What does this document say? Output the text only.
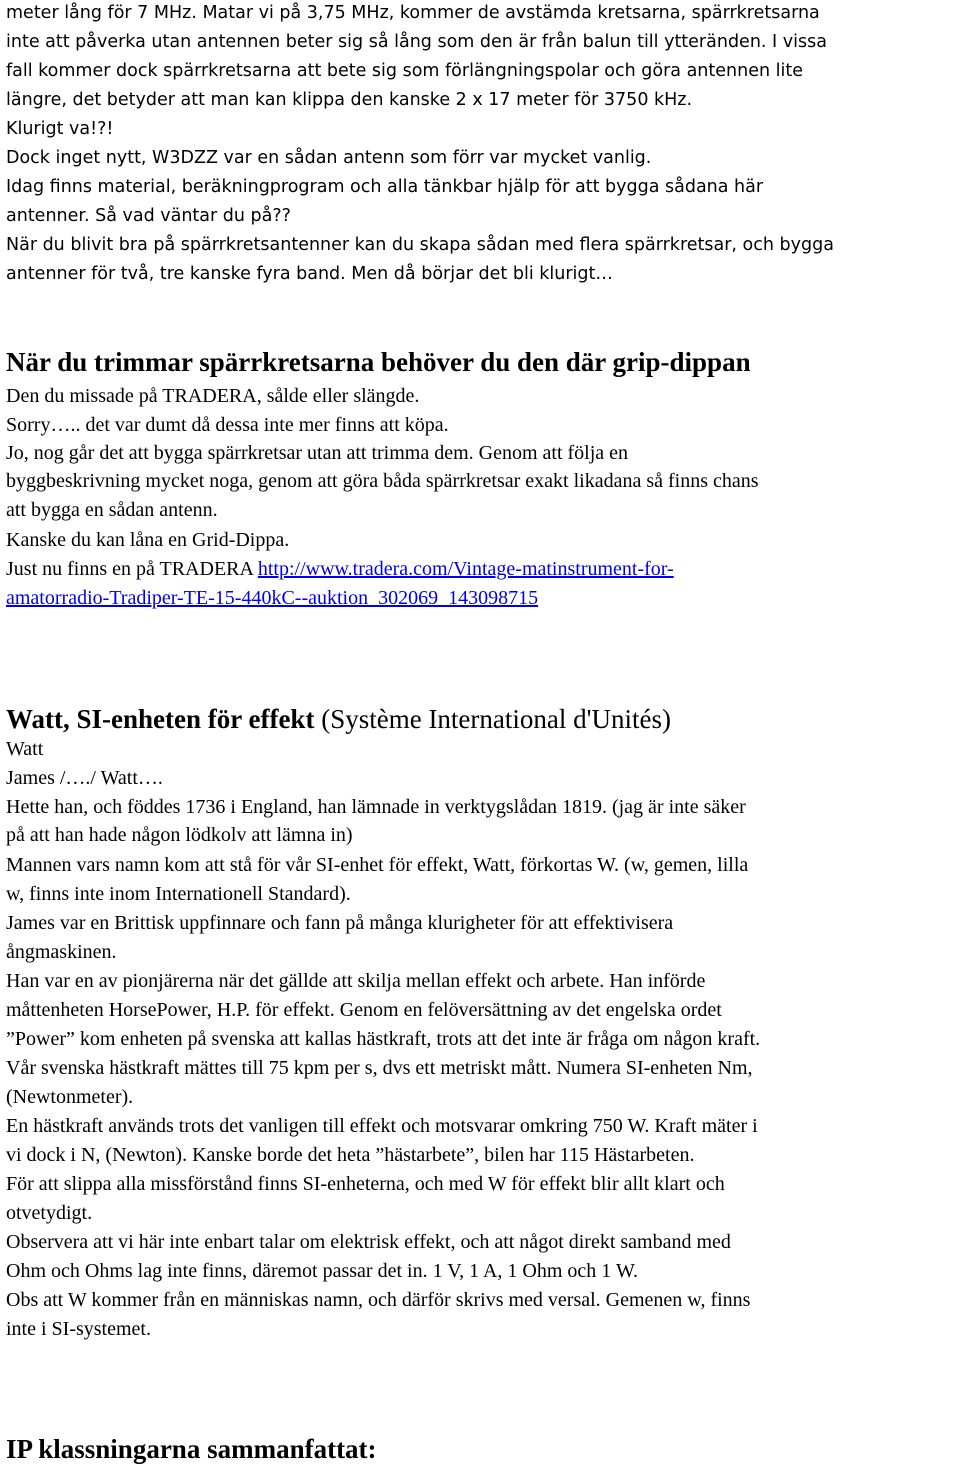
meter lång för 7 MHz. Matar vi på 3,75 MHz, kommer de avstämda kretsarna, spärrkretsarna
inte att påverka utan antennen beter sig så lång som den är från balun till ytteränden. I vissa
fall kommer dock spärrkretsarna att bete sig som förlängningspolar och göra antennen lite
längre, det betyder att man kan klippa den kanske 2 x 17 meter för 3750 kHz.
Klurigt va!?!
Dock inget nytt, W3DZZ var en sådan antenn som förr var mycket vanlig.
Idag finns material, beräkningprogram och alla tänkbar hjälp för att bygga sådana här
antenner. Så vad väntar du på??
När du blivit bra på spärrkretsantenner kan du skapa sådan med flera spärrkretsar, och bygga
antenner för två, tre kanske fyra band. Men då börjar det bli klurigt…
När du trimmar spärrkretsarna behöver du den där grip-dippan
Den du missade på TRADERA, sålde eller slängde.
Sorry….. det var dumt då dessa inte mer finns att köpa.
Jo, nog går det att bygga spärrkretsar utan att trimma dem. Genom att följa en
byggbeskrivning mycket noga, genom att göra båda spärrkretsar exakt likadana så finns chans
att bygga en sådan antenn.
Kanske du kan låna en Grid-Dippa.
Just nu finns en på TRADERA http://www.tradera.com/Vintage-matinstrument-for-
amatorradio-Tradiper-TE-15-440kC--auktion_302069_143098715
Watt, SI-enheten för effekt (Système International d'Unités)
Watt
James /…./ Watt….
Hette han, och föddes 1736 i England, han lämnade in verktygslådan 1819. (jag är inte säker
på att han hade någon lödkolv att lämna in)
Mannen vars namn kom att stå för vår SI-enhet för effekt, Watt, förkortas W. (w, gemen, lilla
w, finns inte inom Internationell Standard).
James var en Brittisk uppfinnare och fann på många klurigheter för att effektivisera
ångmaskinen.
Han var en av pionjärerna när det gällde att skilja mellan effekt och arbete. Han införde
måttenheten HorsePower, H.P. för effekt. Genom en felöversättning av det engelska ordet
”Power” kom enheten på svenska att kallas hästkraft, trots att det inte är fråga om någon kraft.
Vår svenska hästkraft mättes till 75 kpm per s, dvs ett metriskt mått. Numera SI-enheten Nm,
(Newtonmeter).
En hästkraft används trots det vanligen till effekt och motsvarar omkring 750 W. Kraft mäter i
vi dock i N, (Newton). Kanske borde det heta ”hästarbete”, bilen har 115 Hästarbeten.
För att slippa alla missförstånd finns SI-enheterna, och med W för effekt blir allt klart och
otvetydigt.
Observera att vi här inte enbart talar om elektrisk effekt, och att något direkt samband med
Ohm och Ohms lag inte finns, däremot passar det in. 1 V, 1 A, 1 Ohm och 1 W.
Obs att W kommer från en människas namn, och därför skrivs med versal. Gemenen w, finns
inte i SI-systemet.
IP klassningarna sammanfattat:
